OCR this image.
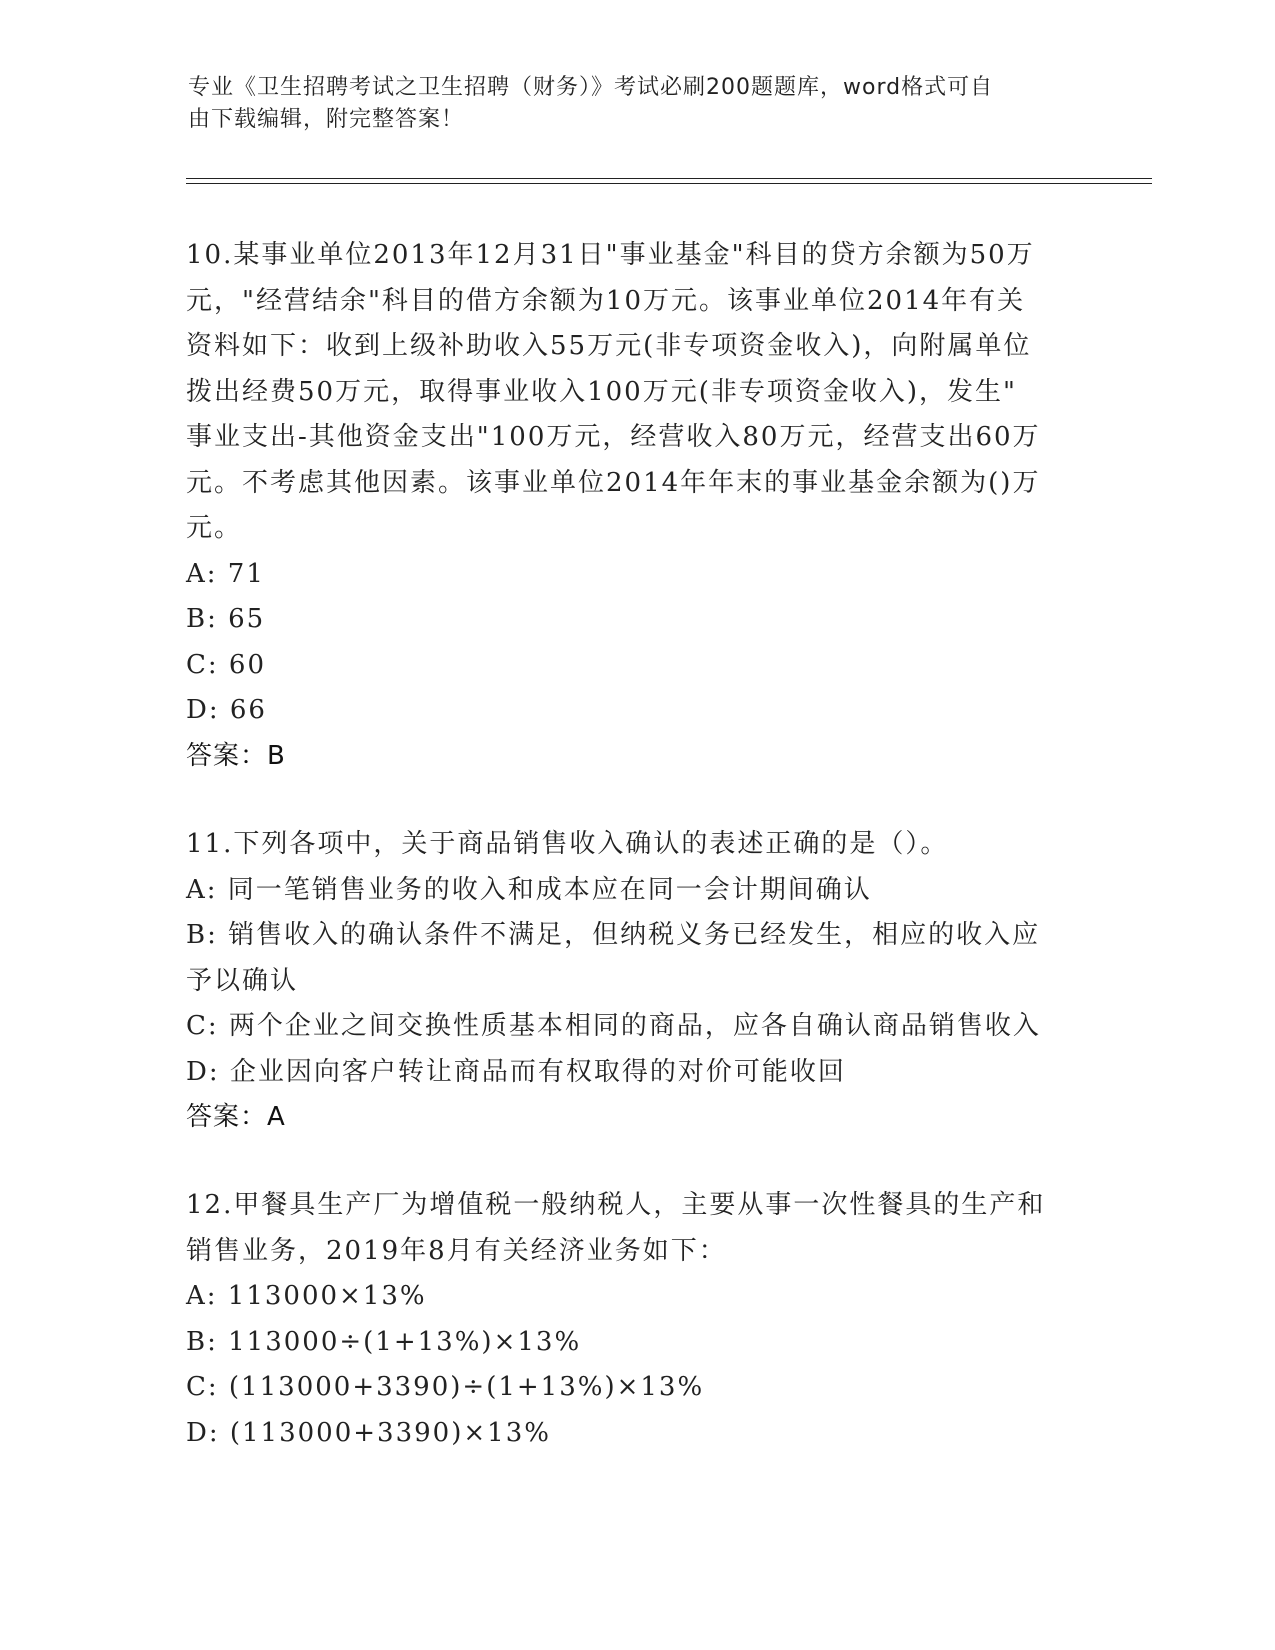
专业《卫生招聘考试之卫生招聘（财务）》考试必刷200题题库，word格式可自
由下载编辑，附完整答案！
10.某事业单位2013年12月31日"事业基金"科目的贷方余额为50万
元，"经营结余"科目的借方余额为10万元。该事业单位2014年有关
资料如下：收到上级补助收入55万元(非专项资金收入)，向附属单位
拨出经费50万元，取得事业收入100万元(非专项资金收入)，发生"
事业支出-其他资金支出"100万元，经营收入80万元，经营支出60万
元。不考虑其他因素。该事业单位2014年年末的事业基金余额为()万
元。
A: 71
B: 65
C: 60
D: 66
答案：B
11.下列各项中，关于商品销售收入确认的表述正确的是（）。
A: 同一笔销售业务的收入和成本应在同一会计期间确认
B: 销售收入的确认条件不满足，但纳税义务已经发生，相应的收入应
予以确认
C: 两个企业之间交换性质基本相同的商品，应各自确认商品销售收入
D: 企业因向客户转让商品而有权取得的对价可能收回
答案：A
12.甲餐具生产厂为增值税一般纳税人，主要从事一次性餐具的生产和
销售业务，2019年8月有关经济业务如下：
A: 113000×13%
B: 113000÷(1+13%)×13%
C: (113000+3390)÷(1+13%)×13%
D: (113000+3390)×13%
